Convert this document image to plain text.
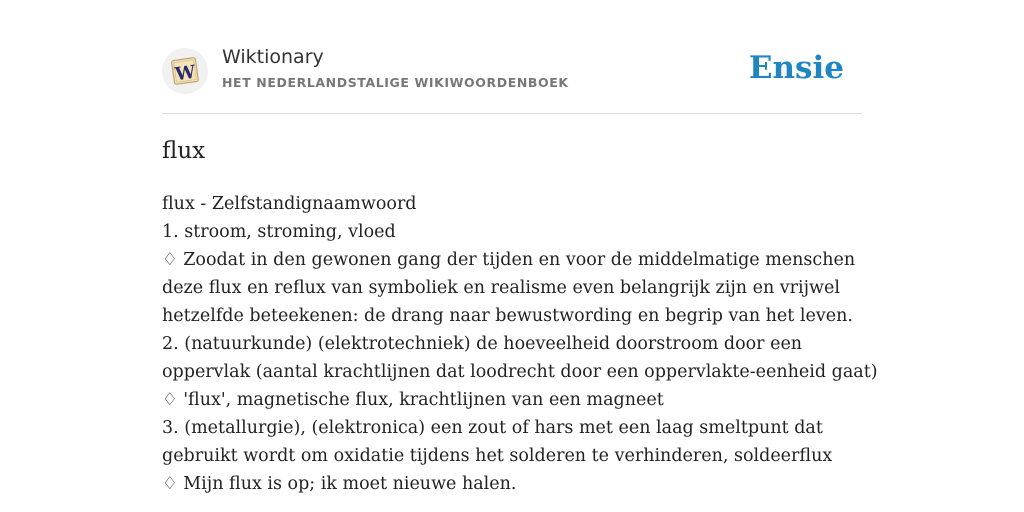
W
Wiktionary
HET NEDERLANDSTALIGE WIKIWOORDENBOEK	Ensie
flux
flux - Zelfstandignaamwoord
1. stroom, stroming, vloed
♢ Zoodat in den gewonen gang der tijden en voor de middelmatige menschen
deze flux en reflux van symboliek en realisme even belangrijk zijn en vrijwel
hetzelfde beteekenen: de drang naar bewustwording en begrip van het leven.
2. (natuurkunde) (elektrotechniek) de hoeveelheid doorstroom door een
oppervlak (aantal krachtlijnen dat loodrecht door een oppervlakte-eenheid gaat)
♢ 'flux', magnetische flux, krachtlijnen van een magneet
3. (metallurgie), (elektronica) een zout of hars met een laag smeltpunt dat
gebruikt wordt om oxidatie tijdens het solderen te verhinderen, soldeerflux
♢ Mijn flux is op; ik moet nieuwe halen.
